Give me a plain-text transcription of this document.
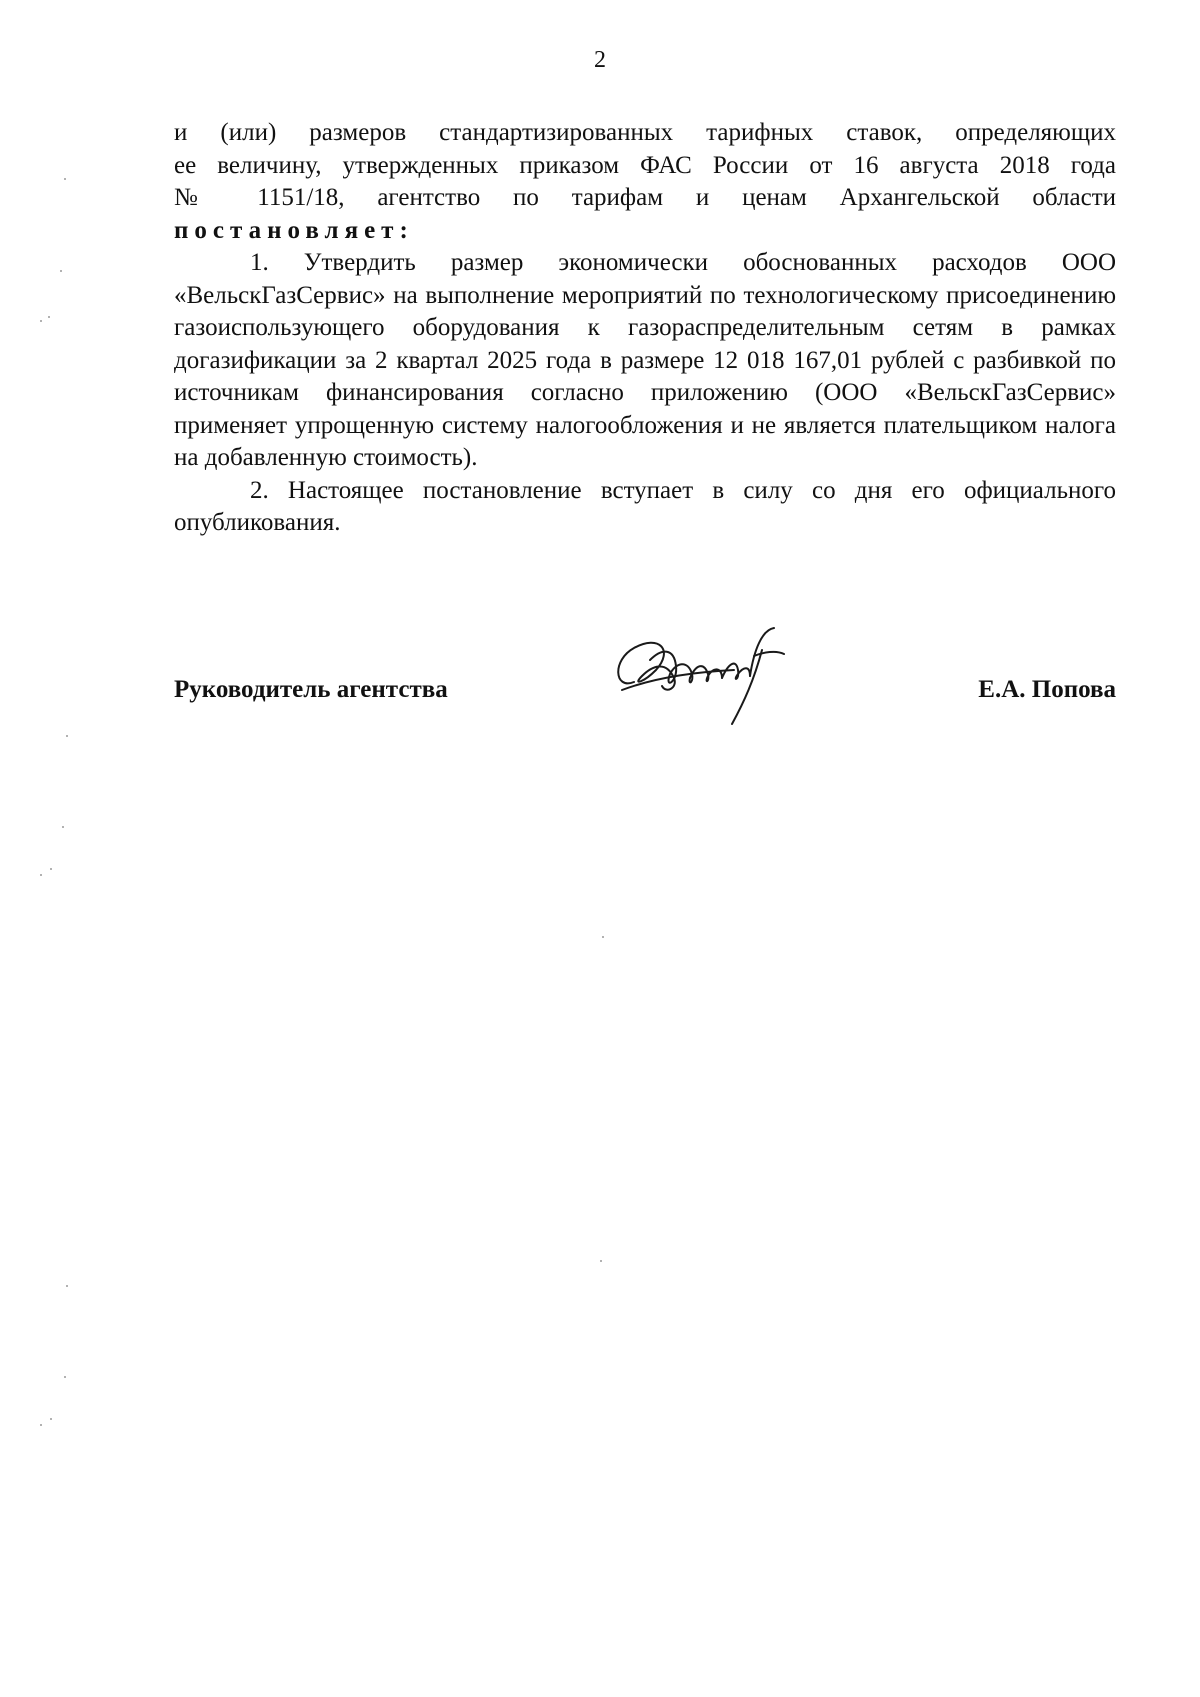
2

и (или) размеров стандартизированных тарифных ставок, определяющих

ее величину, утвержденных приказом ФАС России от 16 августа 2018 года

№ 1151/18, агентство по тарифам и ценам Архангельской области

постановляет:

1. Утвердить размер экономически обоснованных расходов ООО «ВельскГазСервис» на выполнение мероприятий по технологическому присоединению газоиспользующего оборудования к газораспределительным сетям в рамках догазификации за 2 квартал 2025 года в размере 12 018 167,01 рублей с разбивкой по источникам финансирования согласно приложению (ООО «ВельскГазСервис» применяет упрощенную систему налогообложения и не является плательщиком налога на добавленную стоимость).

2. Настоящее постановление вступает в силу со дня его официального опубликования.

Руководитель агентства	Е.А. Попова
